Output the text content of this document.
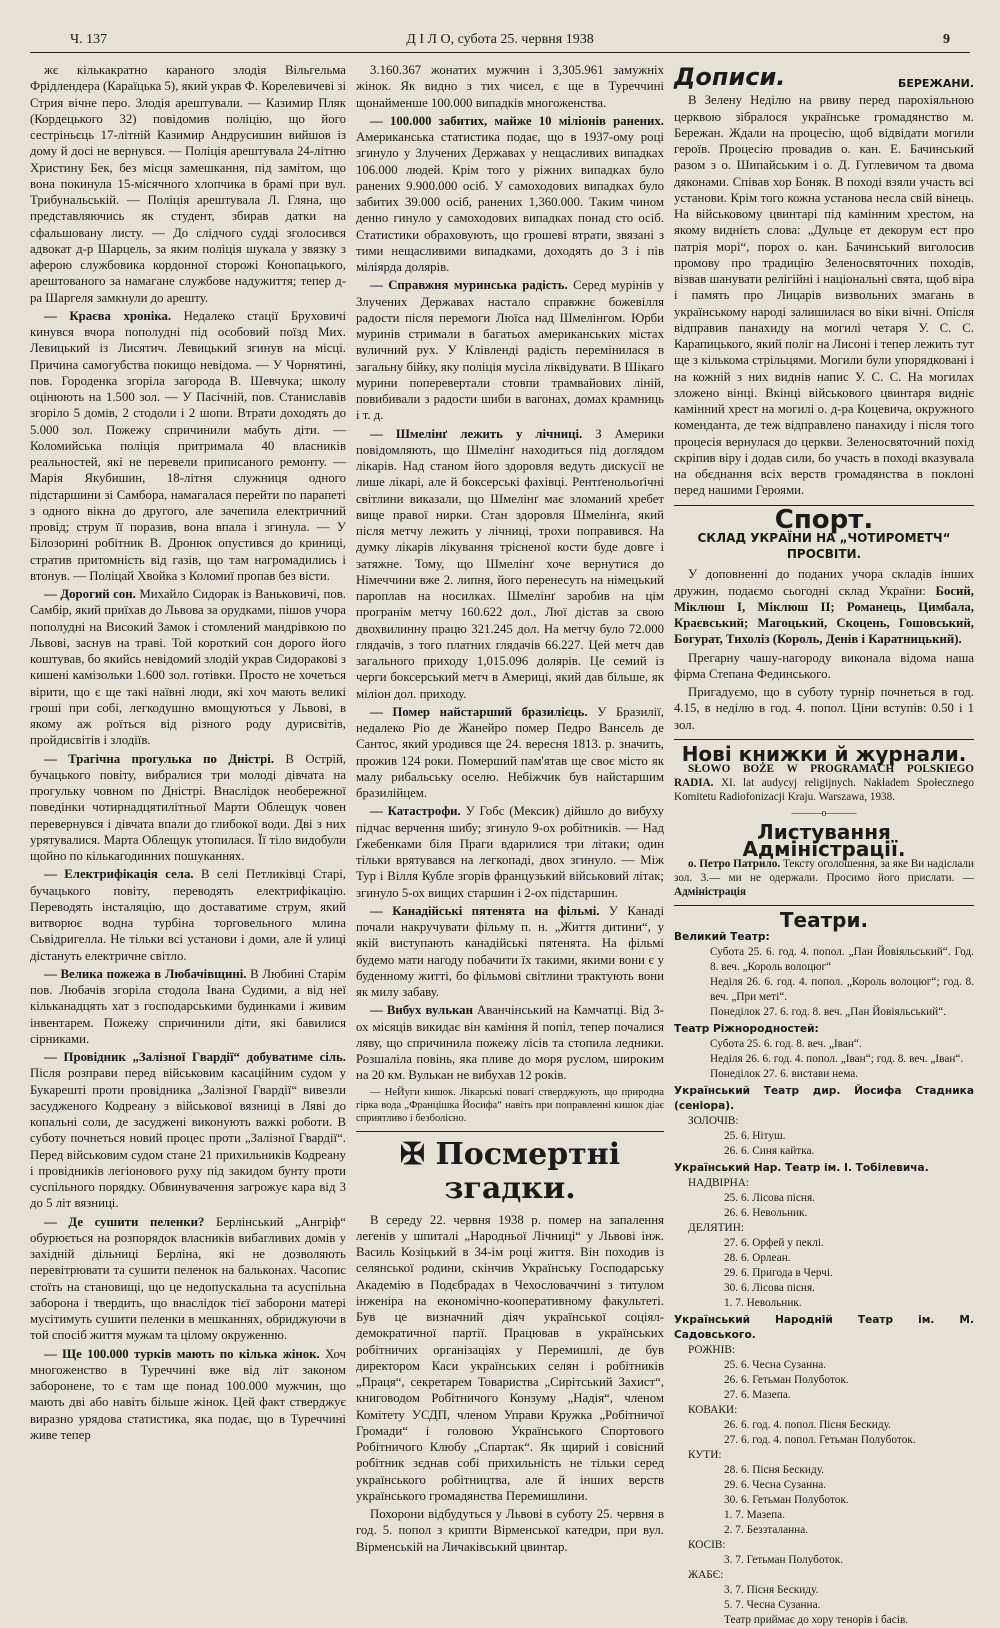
Ч. 137	Д І Л О, субота 25. червня 1938	9

жє кількакратно караного злодія Вільгельма Фрідлендера (Караїцька 5), який украв Ф. Корелевичеві зі Стрия вічне перо. Злодія арештували. — Казимир Пляк (Кордецького 32) повідомив поліцію, що його сестріньєць 17-літній Казимир Андрусишин вийшов із дому й досі не вернувся. — Поліція арештувала 24-літню Христину Бек, без місця замешкання, під замітом, що вона покинула 15-місячного хлопчика в брамі при вул. Трибунальській. — Поліція арештувала Л. Гляна, що представляючись як студент, збирав датки на сфальшовану листу. — До слідчого судді зголосився адвокат д-р Шарцель, за яким поліція шукала у звязку з аферою службовика кордонної сторожі Конопацького, арештованого за намагане службове надужиття; тепер д-ра Шаргеля замкнули до арешту.

— Краєва хроніка. Недалеко стації Бруховичі кинувся вчора пополудні під особовий поїзд Мих. Левицький із Лисятич. Левицький згинув на місці. Причина самогубства покищо невідома. — У Чорнятині, пов. Городенка згоріла загорода В. Шевчука; школу оцінюють на 1.500 зол. — У Пасічній, пов. Станиславів згоріло 5 домів, 2 стодоли і 2 шопи. Втрати доходять до 5.000 зол. Пожежу спричинили мабуть діти. — Коломийська поліція притримала 40 власників реальностей, які не перевели приписаного ремонту. — Марія Якубишин, 18-літня служниця одного підстаршини зі Самбора, намагалася перейти по парапеті з одного вікна до другого, але зачепила електричний провід; струм її поразив, вона впала і згинула. — У Білозорині робітник В. Дронюк опустився до криниці, стратив притомність від газів, що там нагромадились і втонув. — Поліцай Хвойка з Коломиї пропав без вісти.

— Дорогий сон. Михайло Сидорак із Ваньковичі, пов. Самбір, який приїхав до Львова за орудками, пішов учора пополудні на Високий Замок і стомлений мандрівкою по Львові, заснув на траві. Той короткий сон дорого його коштував, бо якийсь невідомий злодій украв Сидоракові з кишені камізольки 1.600 зол. готівки. Просто не хочеться вірити, що є ще такі наївні люди, які хоч мають великі гроші при собі, легкодушно вмощуються у Львові, в якому аж роїться від різного роду дурисвітів, пройдисвітів і злодіїв.

— Трагічна прогулька по Дністрі. В Острій, бучацького повіту, вибралися три молоді дівчата на прогульку човном по Дністрі. Внаслідок необережної поведінки чотирнадцятилітньої Марти Облещук човен перевернувся і дівчата впали до глибокої води. Дві з них урятувалися. Марта Облещук утопилася. Її тіло видобули щойно по кількагодинних пошуканнях.

— Електрифікація села. В селі Петликівці Старі, бучацького повіту, переводять електрифікацію. Переводять інсталяцію, що доставатиме струм, який витворює водна турбіна торговельного млина Сьвідригелла. Не тільки всі установи і доми, але й улиці дістануть електричне світло.

— Велика пожежа в Любачівщині. В Любині Старім пов. Любачів згоріла стодола Івана Судими, а від неї кільканадцять хат з господарськими будинками і живим інвентарем. Пожежу спричинили діти, які бавилися сірниками.

— Провідник „Залізної Гвардії“ добуватиме сіль. Після розправи перед військовим касаційним судом у Букарешті проти провідника „Залізної Гвардії“ вивезли засудженого Кодреану з військової вязниці в Ляві до копальні соли, де засуджені виконують важкі роботи. В суботу почнеться новий процес проти „Залізної Гвардії“. Перед військовим судом стане 21 прихильників Кодреану і провідників легіонового руху під закидом бунту проти суспільного порядку. Обвинувачення загрожує кара від 3 до 5 літ вязниці.

— Де сушити пеленки? Берлінський „Ангріф“ обурюється на розпорядок власників вибагливих домів у західній дільниці Берліна, які не дозволяють перевітрювати та сушити пеленок на бальконах. Часопис стоїть на становищі, що це недопускальна та асуспільна заборона і твердить, що внаслідок тієї заборони матері мусітимуть сушити пеленки в мешканнях, обриджуючи в той спосіб життя мужам та цілому окруженню.

— Ще 100.000 турків мають по кілька жінок. Хоч многоженство в Туреччині вже від літ законом заборонене, то є там ще понад 100.000 мужчин, що мають дві або навіть більше жінок. Цей факт стверджує виразно урядова статистика, яка подає, що в Туреччині живе тепер

3.160.367 жонатих мужчин і 3,305.961 замужніх жінок. Як видно з тих чисел, є ще в Туреччині щонайменше 100.000 випадків многоженства.

— 100.000 забитих, майже 10 мілiонів ранених. Американська статистика подає, що в 1937-ому році згинуло у Злучених Державах у нещасливих випадках 106.000 людей. Крім того у ріжних випадках було ранених 9.900.000 осіб. У самоходових випадках було забитих 39.000 осіб, ранених 1,360.000. Таким чином денно гинуло у самоходових випадках понад сто осіб. Статистики обраховують, що грошеві втрати, звязані з тими нещасливими випадками, доходять до 3 і пів міліярда долярів.

— Справжня муринська радість. Серед мурінів у Злучених Державах настало справжнє божевілля радости після перемоги Люїса над Шмелінгом. Юрби муринів стримали в багатьох американських містах вуличний рух. У Клівленді радість перемінилася в загальну бійку, яку поліція мусіла ліквідувати. В Шікаго мурини поперевертали стовпи трамвайових ліній, повибивали з радости шиби в вагонах, домах крамниць і т. д.

— Шмелінґ лежить у лічниці. З Америки повідомляють, що Шмелінґ находиться під доглядом лікарів. Над станом його здоровля ведуть дискусії не лише лікарі, але й боксерські фахівці. Рентґенольоґічні світлини виказали, що Шмелінґ має зломаний хребет вище правої нирки. Стан здоровля Шмелінґа, який після метчу лежить у лічниці, трохи поправився. На думку лікарів лікування трісненої кости буде довге і затяжне. Тому, що Шмелінґ хоче вернутися до Німеччини вже 2. липня, його перенесуть на німецький пароплав на носилках. Шмелінґ заробив на цім програнім метчу 160.622 дол., Люї дістав за свою двохвилинну працю 321.245 дол. На метчу було 72.000 глядачів, з того платних глядачів 66.227. Цей метч дав загального приходу 1,015.096 долярів. Це семий із черги боксерський метч в Америці, який дав більше, як мілiон дол. приходу.

— Помер найстарший бразилієць. У Бразилії, недалеко Ріо де Жанейро помер Педро Вансель де Сантос, який уродився ще 24. вересня 1813. р. значить, прожив 124 роки. Померший пам'ятав ще своє місто як малу рибальську оселю. Небіжчик був найстаршим бразилійцем.

— Катастрофи. У Гобс (Мексик) дійшло до вибуху підчас верчення шибу; згинуло 9-ох робітників. — Над Ґжебенками біля Праги вдарилися три літаки; один тільки врятувався на легкопаді, двох згинуло. — Між Тур і Вілля Кубле згорів французький військовий літак; згинуло 5-ох вищих старшин і 2-ох підстаршин.

— Канадійські пятенята на фільмі. У Канаді почали накручувати фільму п. н. „Життя дитини“, у якій виступають канадійські пятенята. На фільмі будемо мати нагоду побачити їх такими, якими вони є у буденному житті, бо фільмові світлини трактують вони як милу забаву.

— Вибух вулькан Аванчінський на Камчатці. Від 3-ох місяців викидає він каміння й попіл, тепер почалися ляву, що спричинила пожежу лісів та стопила ледники. Розшаліла повінь, яка пливе до моря руслом, широким на 20 км. Вулькан не вибухав 12 років.

— НеЙуги кишок. Лікарські повагі стверджують, що природна гірка вода „Францішка Йосифа“ навіть при поправленні кишок діає сприятливо і безболісно.

✠ Посмертні згадки.

В середу 22. червня 1938 р. помер на запалення легенів у шпиталі „Народньої Лічниці“ у Львові інж. Василь Козіцький в 34-ім році життя. Він походив із селянської родини, скінчив Українську Господарську Академію в Подєбрадах в Чехословаччині з титулом інженіра на економічно-кооперативному факультеті. Був це визначний діяч української соціял-демократичної партії. Працював в українських робітничих організаціях у Перемишлі, де був директором Каси українських селян і робітників „Праця“, секретарем Товариства „Сирітський Захист“, книговодом Робітничого Конзуму „Надія“, членом Комітету УСДП, членом Управи Кружка „Робітничої Громади“ і головою Українського Спортового Робітничого Клюбу „Спартак“. Як щирий і совісний робітник зєднав собі прихильність не тільки серед українського робітництва, але й інших верств українського громадянства Перемишлини.

Похорони відбудуться у Львові в суботу 25. червня в год. 5. попол з крипти Вірменської катедри, при вул. Вірменській на Личаківський цвинтар.

Дописи.	БЕРЕЖАНИ.

В Зелену Неділю на рвиву перед парохіяльною церквою зібралося українське громадянство м. Бережан. Ждали на процесію, щоб відвідати могили героїв. Процесію провадив о. кан. Е. Бачинський разом з о. Шипайським і о. Д. Гуглевичом та двома дяконами. Співав хор Боняк. В поході взяли участь всі установи. Крім того кожна установа несла свій вінець. На військовому цвинтарі під камінним хрестом, на якому виднієть слова: „Дульце ет декорум ест про патрія морі“, порох о. кан. Бачинський виголосив промову про традицію Зеленосвяточних походів, візвав шанувати релігійні і національні свята, щоб віра і память про Лицарів визвольних змагань в українському народі залишилася во віки вічні. Опісля відправив панахиду на могилі четаря У. С. С. Карапицького, який поліг на Лисоні і тепер лежить тут ще з кількома стрільцями. Могили були упорядковані і на кожній з них виднів напис У. С. С. На могилах зложено вінці. Вкінці військового цвинтаря видніє камінний хрест на могилі о. д-ра Коцевича, окружного коменданта, де теж відправлено панахиду і після того процесія вернулася до церкви. Зеленосвяточний похід скріпив віру і додав сили, бо участь в поході вказувала на обєднання всіх верств громадянства в поклоні перед нашими Героями.

Спорт.
СКЛАД УКРАЇНИ НА „ЧОТИРОМЕТЧ“ ПРОСВІТИ.

У доповненні до поданих учора складів інших дружин, подаємо сьогодні склад України: Босий, Міклюш І, Міклюш ІІ; Романець, Цимбала, Краєвський; Магоцький, Скоцень, Гошовський, Богурат, Тихоліз (Король, Денів і Каратницький).

Прегарну чашу-нагороду виконала відома наша фірма Степана Фединського.

Пригадуємо, що в суботу турнір почнеться в год. 4.15, в неділю в год. 4. попол. Ціни вступів: 0.50 і 1 зол.

Нові книжки й журнали.

SŁOWO BOŻE W PROGRAMACH POLSKIEGO RADIA. XI. lat audycyj religijnych. Nakładem Społecznego Komitetu Radiofonizacji Kraju. Warszawa, 1938.

———o———
Листування Адміністрації.

о. Петро Патрило. Тексту оголошення, за яке Ви надіслали зол. 3.— ми не одержали. Просимо його прислати. — Адміністрація

Театри.
Великий Театр:
Субота 25. 6. год. 4. попол. „Пан Йовіяльський“. Год. 8. веч. „Король волоцюг“
Неділя 26. 6. год. 4. попол. „Король волоцюг“; год. 8. веч. „При меті“.
Понеділок 27. 6. год. 8. веч. „Пан Йовіяльський“.
Театр Ріжнородностей:
Субота 25. 6. год. 8. веч. „Іван“.
Неділя 26. 6. год. 4. попол. „Іван“; год. 8. веч. „Іван“.
Понеділок 27. 6. вистави нема.
Український Театр дир. Йосифа Стадника (сеніора).
ЗОЛОЧІВ:
25. 6. Нітуш.
26. 6. Синя кайтка.
Український Нар. Театр ім. І. Тобілевича.
НАДВІРНА:
25. 6. Лісова пісня.
26. 6. Невольник.
ДЕЛЯТИН:
27. 6. Орфей у пеклі.
28. 6. Орлеан.
29. 6. Пригода в Черчі.
30. 6. Лісова пісня.
1. 7. Невольник.
Український Народній Театр ім. М. Садовського.
РОЖНІВ:
25. 6. Чесна Сузанна.
26. 6. Гетьман Полуботок.
27. 6. Мазепа.
КОВАКИ:
26. 6. год. 4. попол. Пісня Бескиду.
27. 6. год. 4. попол. Гетьман Полуботок.
КУТИ:
28. 6. Пісня Бескиду.
29. 6. Чесна Сузанна.
30. 6. Гетьман Полуботок.
1. 7. Мазепа.
2. 7. Беззталанна.
КОСІВ:
3. 7. Гетьман Полуботок.
ЖАБЄ:
3. 7. Пісня Бескиду.
5. 7. Чесна Сузанна.
Театр приймає до хору тенорів і басів.
